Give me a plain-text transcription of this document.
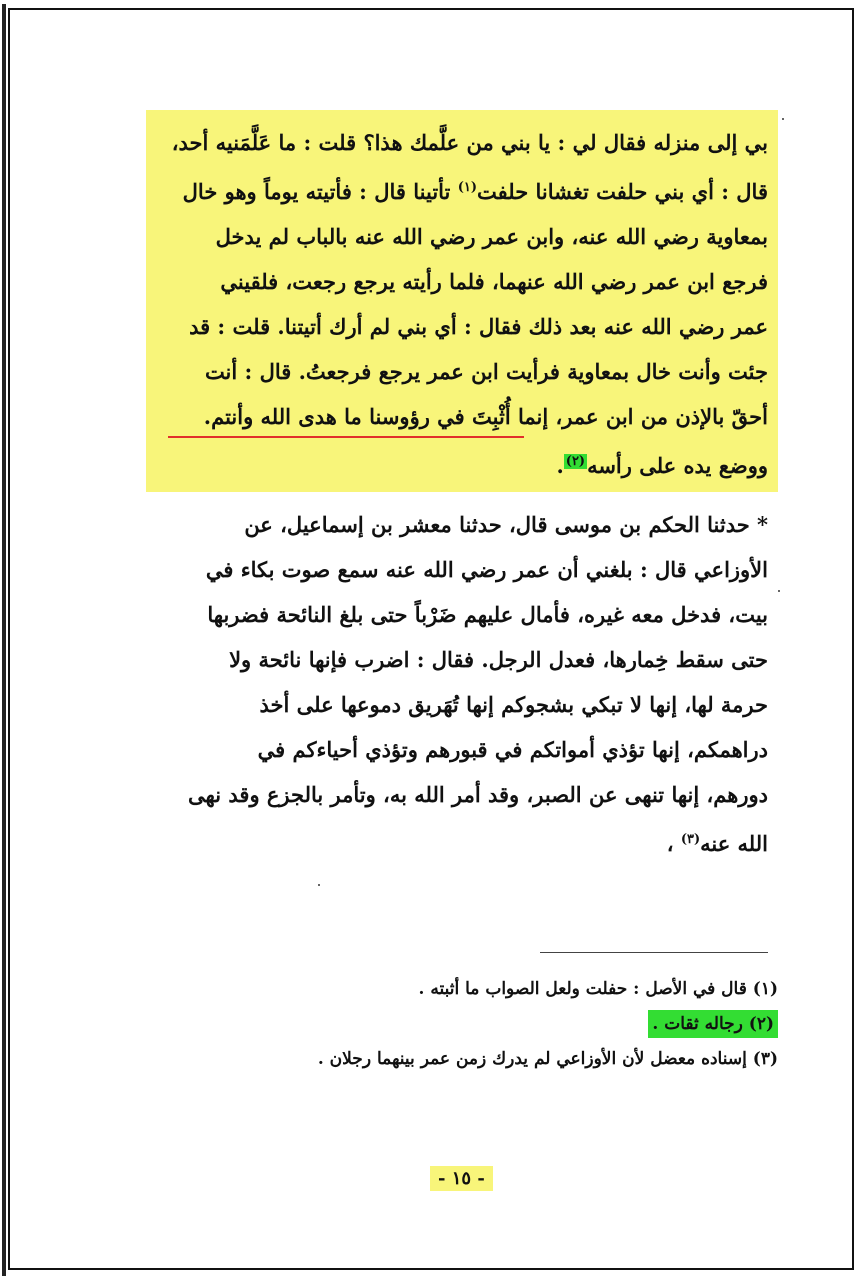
بي إلى منزله فقال لي : يا بني من علَّمك هذا؟ قلت : ما عَلَّمَنيه أحد،
قال : أي بني حلفت تغشانا حلفت$^{(١)}$ تأتينا قال : فأتيته يوماً وهو خال
بمعاوية رضي الله عنه، وابن عمر رضي الله عنه بالباب لم يدخل
فرجع ابن عمر رضي الله عنهما، فلما رأيته يرجع رجعت، فلقيني
عمر رضي الله عنه بعد ذلك فقال : أي بني لم أرك أتيتنا. قلت : قد
جئت وأنت خال بمعاوية فرأيت ابن عمر يرجع فرجعتُ. قال : أنت
أحقّ بالإذن من ابن عمر، إنما أُثْبِتَ في رؤوسنا ما هدى الله وأنتم.
ووضع يده على رأسه$^{(٢)}$.
* حدثنا الحكم بن موسى قال، حدثنا معشر بن إسماعيل، عن
الأوزاعي قال : بلغني أن عمر رضي الله عنه سمع صوت بكاء في
بيت، فدخل معه غيره، فأمال عليهم ضَرْباً حتى بلغ النائحة فضربها
حتى سقط خِمارها، فعدل الرجل. فقال : اضرب فإنها نائحة ولا
حرمة لها، إنها لا تبكي بشجوكم إنها تُهَريق دموعها على أخذ
دراهمكم، إنها تؤذي أمواتكم في قبورهم وتؤذي أحياءكم في
دورهم، إنها تنهى عن الصبر، وقد أمر الله به، وتأمر بالجزع وقد نهى
الله عنه$^{(٣)}$ ،
(١) قال في الأصل : حفلت ولعل الصواب ما أثبته .
(٢) رجاله ثقات .
(٣) إسناده معضل لأن الأوزاعي لم يدرك زمن عمر بينهما رجلان .
- ١٥ -
